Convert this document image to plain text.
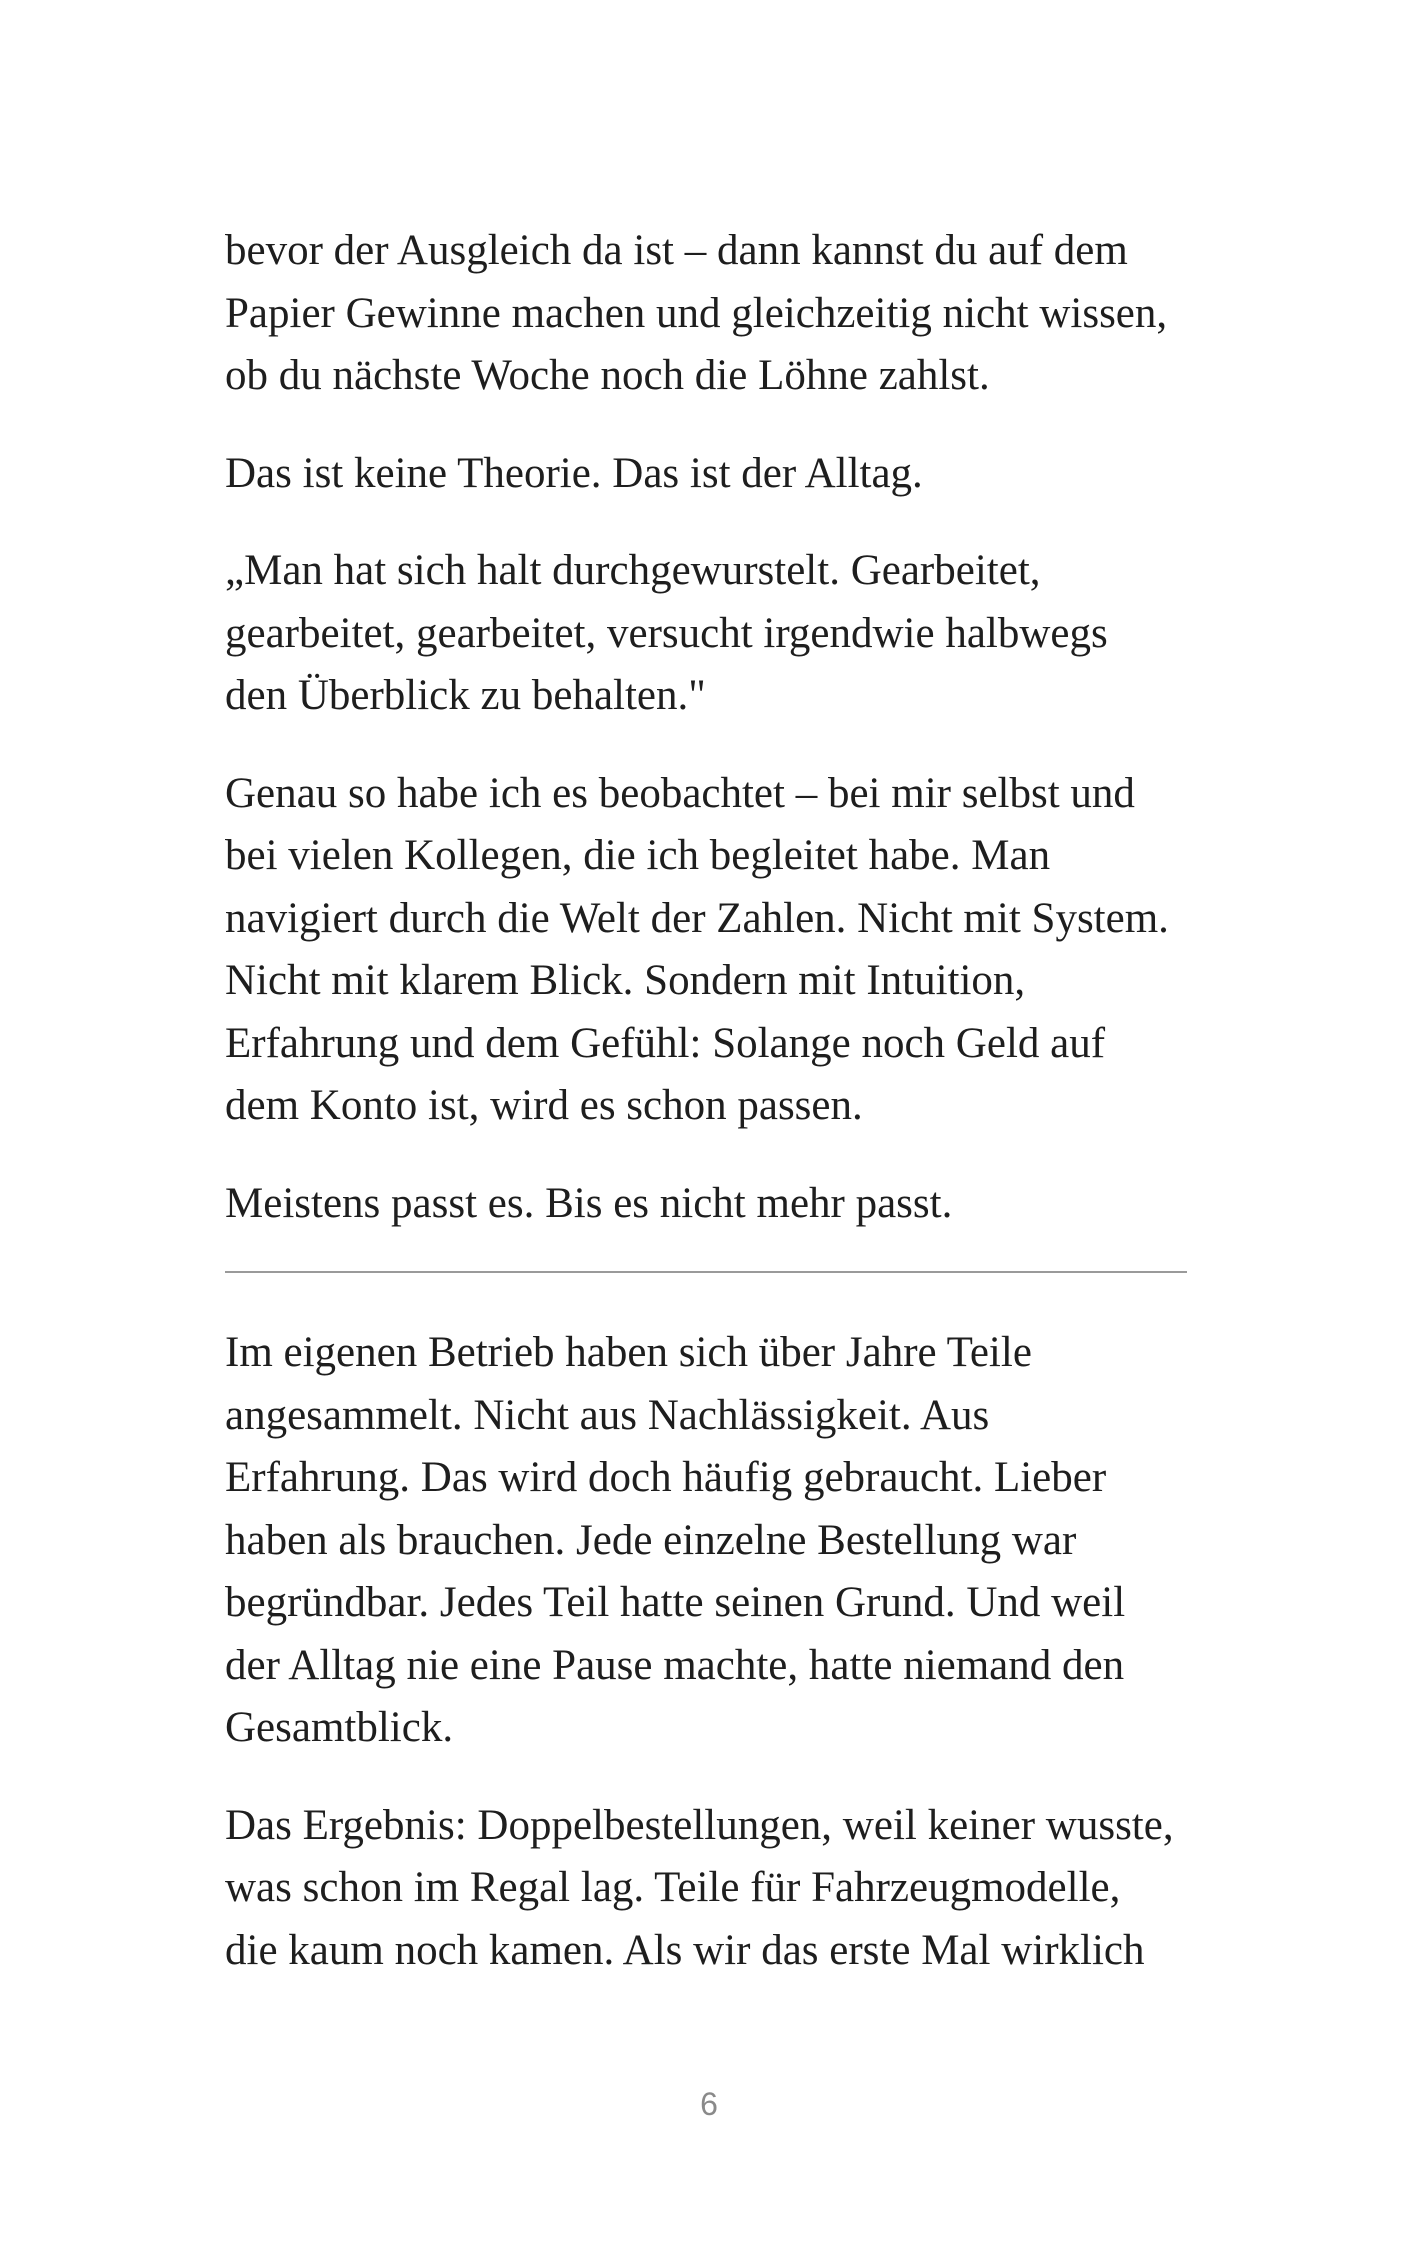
bevor der Ausgleich da ist – dann kannst du auf dem
Papier Gewinne machen und gleichzeitig nicht wissen,
ob du nächste Woche noch die Löhne zahlst.

Das ist keine Theorie. Das ist der Alltag.

„Man hat sich halt durchgewurstelt. Gearbeitet,
gearbeitet, gearbeitet, versucht irgendwie halbwegs
den Überblick zu behalten."

Genau so habe ich es beobachtet – bei mir selbst und
bei vielen Kollegen, die ich begleitet habe. Man
navigiert durch die Welt der Zahlen. Nicht mit System.
Nicht mit klarem Blick. Sondern mit Intuition,
Erfahrung und dem Gefühl: Solange noch Geld auf
dem Konto ist, wird es schon passen.

Meistens passt es. Bis es nicht mehr passt.

Im eigenen Betrieb haben sich über Jahre Teile
angesammelt. Nicht aus Nachlässigkeit. Aus
Erfahrung. Das wird doch häufig gebraucht. Lieber
haben als brauchen. Jede einzelne Bestellung war
begründbar. Jedes Teil hatte seinen Grund. Und weil
der Alltag nie eine Pause machte, hatte niemand den
Gesamtblick.

Das Ergebnis: Doppelbestellungen, weil keiner wusste,
was schon im Regal lag. Teile für Fahrzeugmodelle,
die kaum noch kamen. Als wir das erste Mal wirklich

6
